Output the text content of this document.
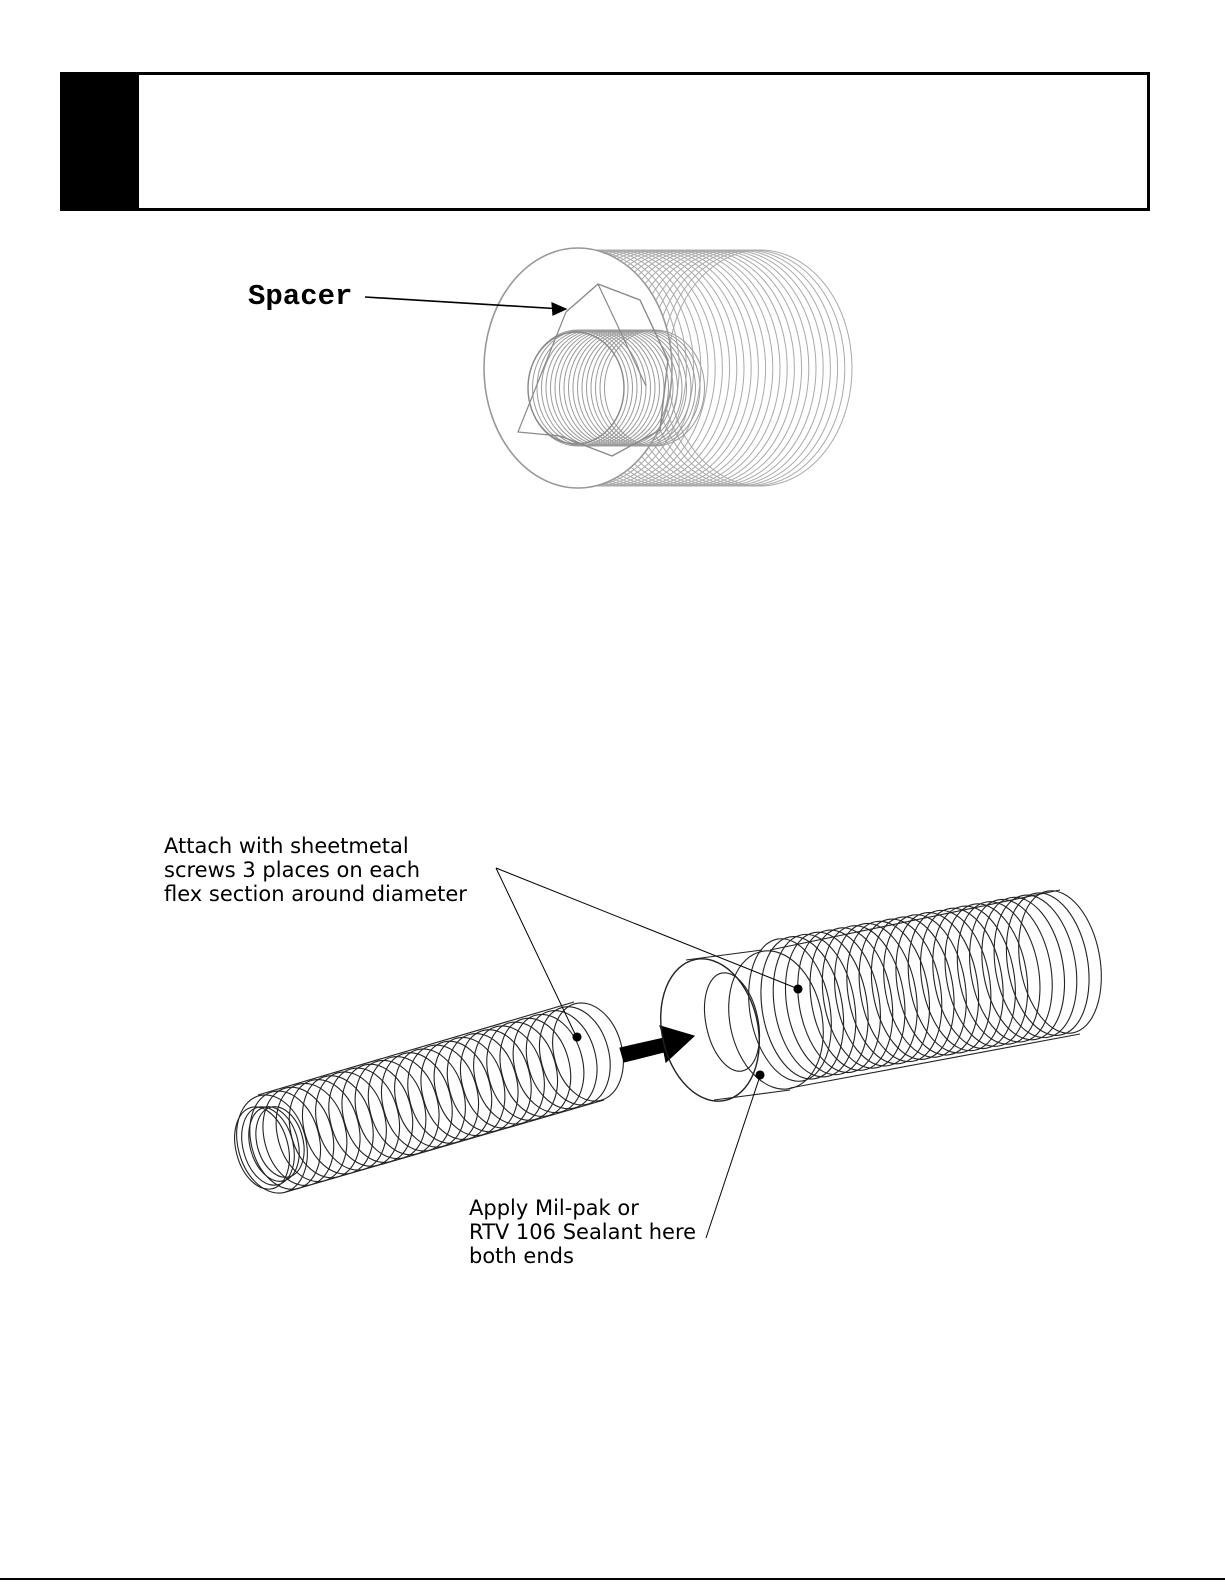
Spacer
Attach with sheetmetal
screws 3 places on each
flex section around diameter
Apply Mil-pak or
RTV 106 Sealant here
both ends
